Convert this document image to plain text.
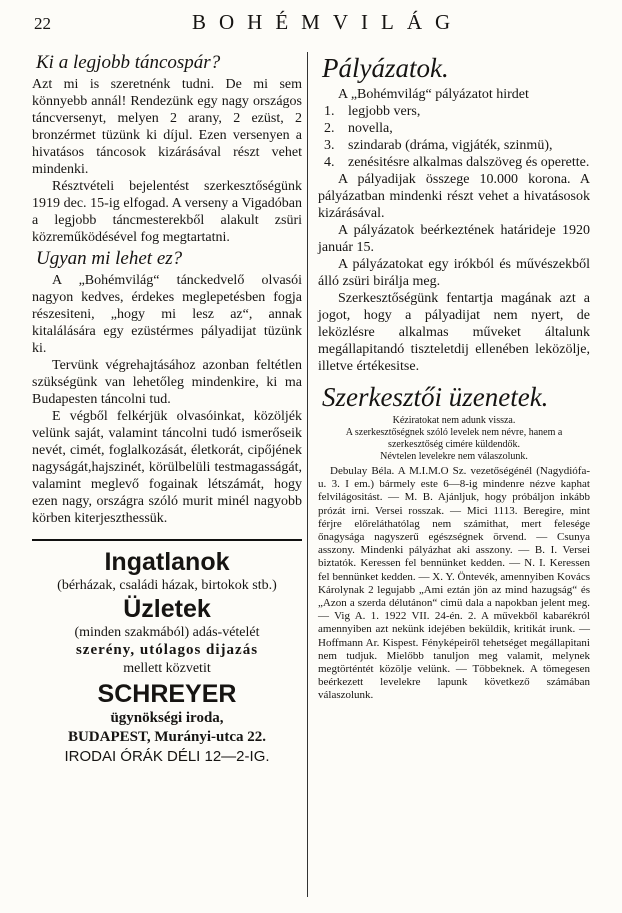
22	BOHÉMVILÁG
Ki a legjobb táncospár?

Azt mi is szeretnénk tudni. De mi sem könnyebb annál! Rendezünk egy nagy országos táncversenyt, melyen 2 arany, 2 ezüst, 2 bronzérmet tüzünk ki díjul. Ezen versenyen a hivatásos táncosok kizárásával részt vehet mindenki.

Résztvételi bejelentést szerkesztőségünk 1919 dec. 15-ig elfogad. A verseny a Vigadóban a legjobb táncmesterekből alakult zsüri közreműködésével fog megtartatni.

Ugyan mi lehet ez?

A „Bohémvilág“ tánckedvelő olvasói nagyon kedves, érdekes meglepetésben fogja részesiteni, „hogy mi lesz az“, annak kitalálására egy ezüstérmes pályadijat tüzünk ki.

Tervünk végrehajtásához azonban feltétlen szükségünk van lehetőleg mindenkire, ki ma Budapesten táncolni tud.

E végből felkérjük olvasóinkat, közöljék velünk saját, valamint táncolni tudó ismerőseik nevét, cimét, foglalkozását, életkorát, cipőjének nagyságát,hajszinét, körülbelüli testmagasságát, valamint meglevő fogainak létszámát, hogy ezen nagy, országra szóló murit minél nagyobb körben kiterjeszthessük.

Ingatlanok
(bérházak, családi házak, birtokok stb.)
Üzletek
(minden szakmából) adás-vételét
szerény, utólagos dijazás
mellett közvetit
SCHREYER
ügynökségi iroda,
BUDAPEST, Murányi-utca 22.
IRODAI ÓRÁK DÉLI 12—2-IG.
Pályázatok.

A „Bohémvilág“ pályázatot hirdet

1. legjobb vers,
2. novella,
3. szindarab (dráma, vigjáték, szinmü),
4. zenésitésre alkalmas dalszöveg és operette.

A pályadijak összege 10.000 korona. A pályázatban mindenki részt vehet a hivatásosok kizárásával.

A pályázatok beérkeztének határideje 1920 január 15.

A pályázatokat egy irókból és művészekből álló zsüri birálja meg.

Szerkesztőségünk fentartja magának azt a jogot, hogy a pályadijat nem nyert, de leközlésre alkalmas műveket általunk megállapitandó tiszteletdij ellenében leközölje, illetve értékesitse.

Szerkesztői üzenetek.

Kéziratokat nem adunk vissza.

A szerkesztőségnek szóló levelek nem névre, hanem a szerkesztőség cimére küldendők.

Névtelen levelekre nem válaszolunk.

Debulay Béla. A M.I.M.O Sz. vezetőségénél (Nagydiófa-u. 3. I em.) bármely este 6—8-ig mindenre nézve kaphat felvilágositást. — M. B. Ajánljuk, hogy próbáljon inkább prózát irni. Versei rosszak. — Mici 1113. Beregire, mint férjre előreláthatólag nem számithat, mert felesége őnagysága nagyszerű egészségnek örvend. — Csunya asszony. Mindenki pályázhat aki asszony. — B. I. Versei biztatók. Keressen fel bennünket kedden. — N. I. Keressen fel bennünket kedden. — X. Y. Öntevék, amennyiben Kovács Károlynak 2 legujabb „Ami eztán jön az mind hazugság“ és „Azon a szerda délutánon“ cimü dala a napokban jelent meg. — Vig A. 1. 1922 VII. 24-én. 2. A művekből kabarékról amennyiben azt nekünk idejében beküldik, kritikát irunk. — Hoffmann Ar. Kispest. Fényképeiről tehetséget megállapitani nem tudjuk. Mielőbb tanuljon meg valamit, melynek megtörténtét közölje velünk. — Többeknek. A tömegesen beérkezett levelekre lapunk következő számában válaszolunk.
